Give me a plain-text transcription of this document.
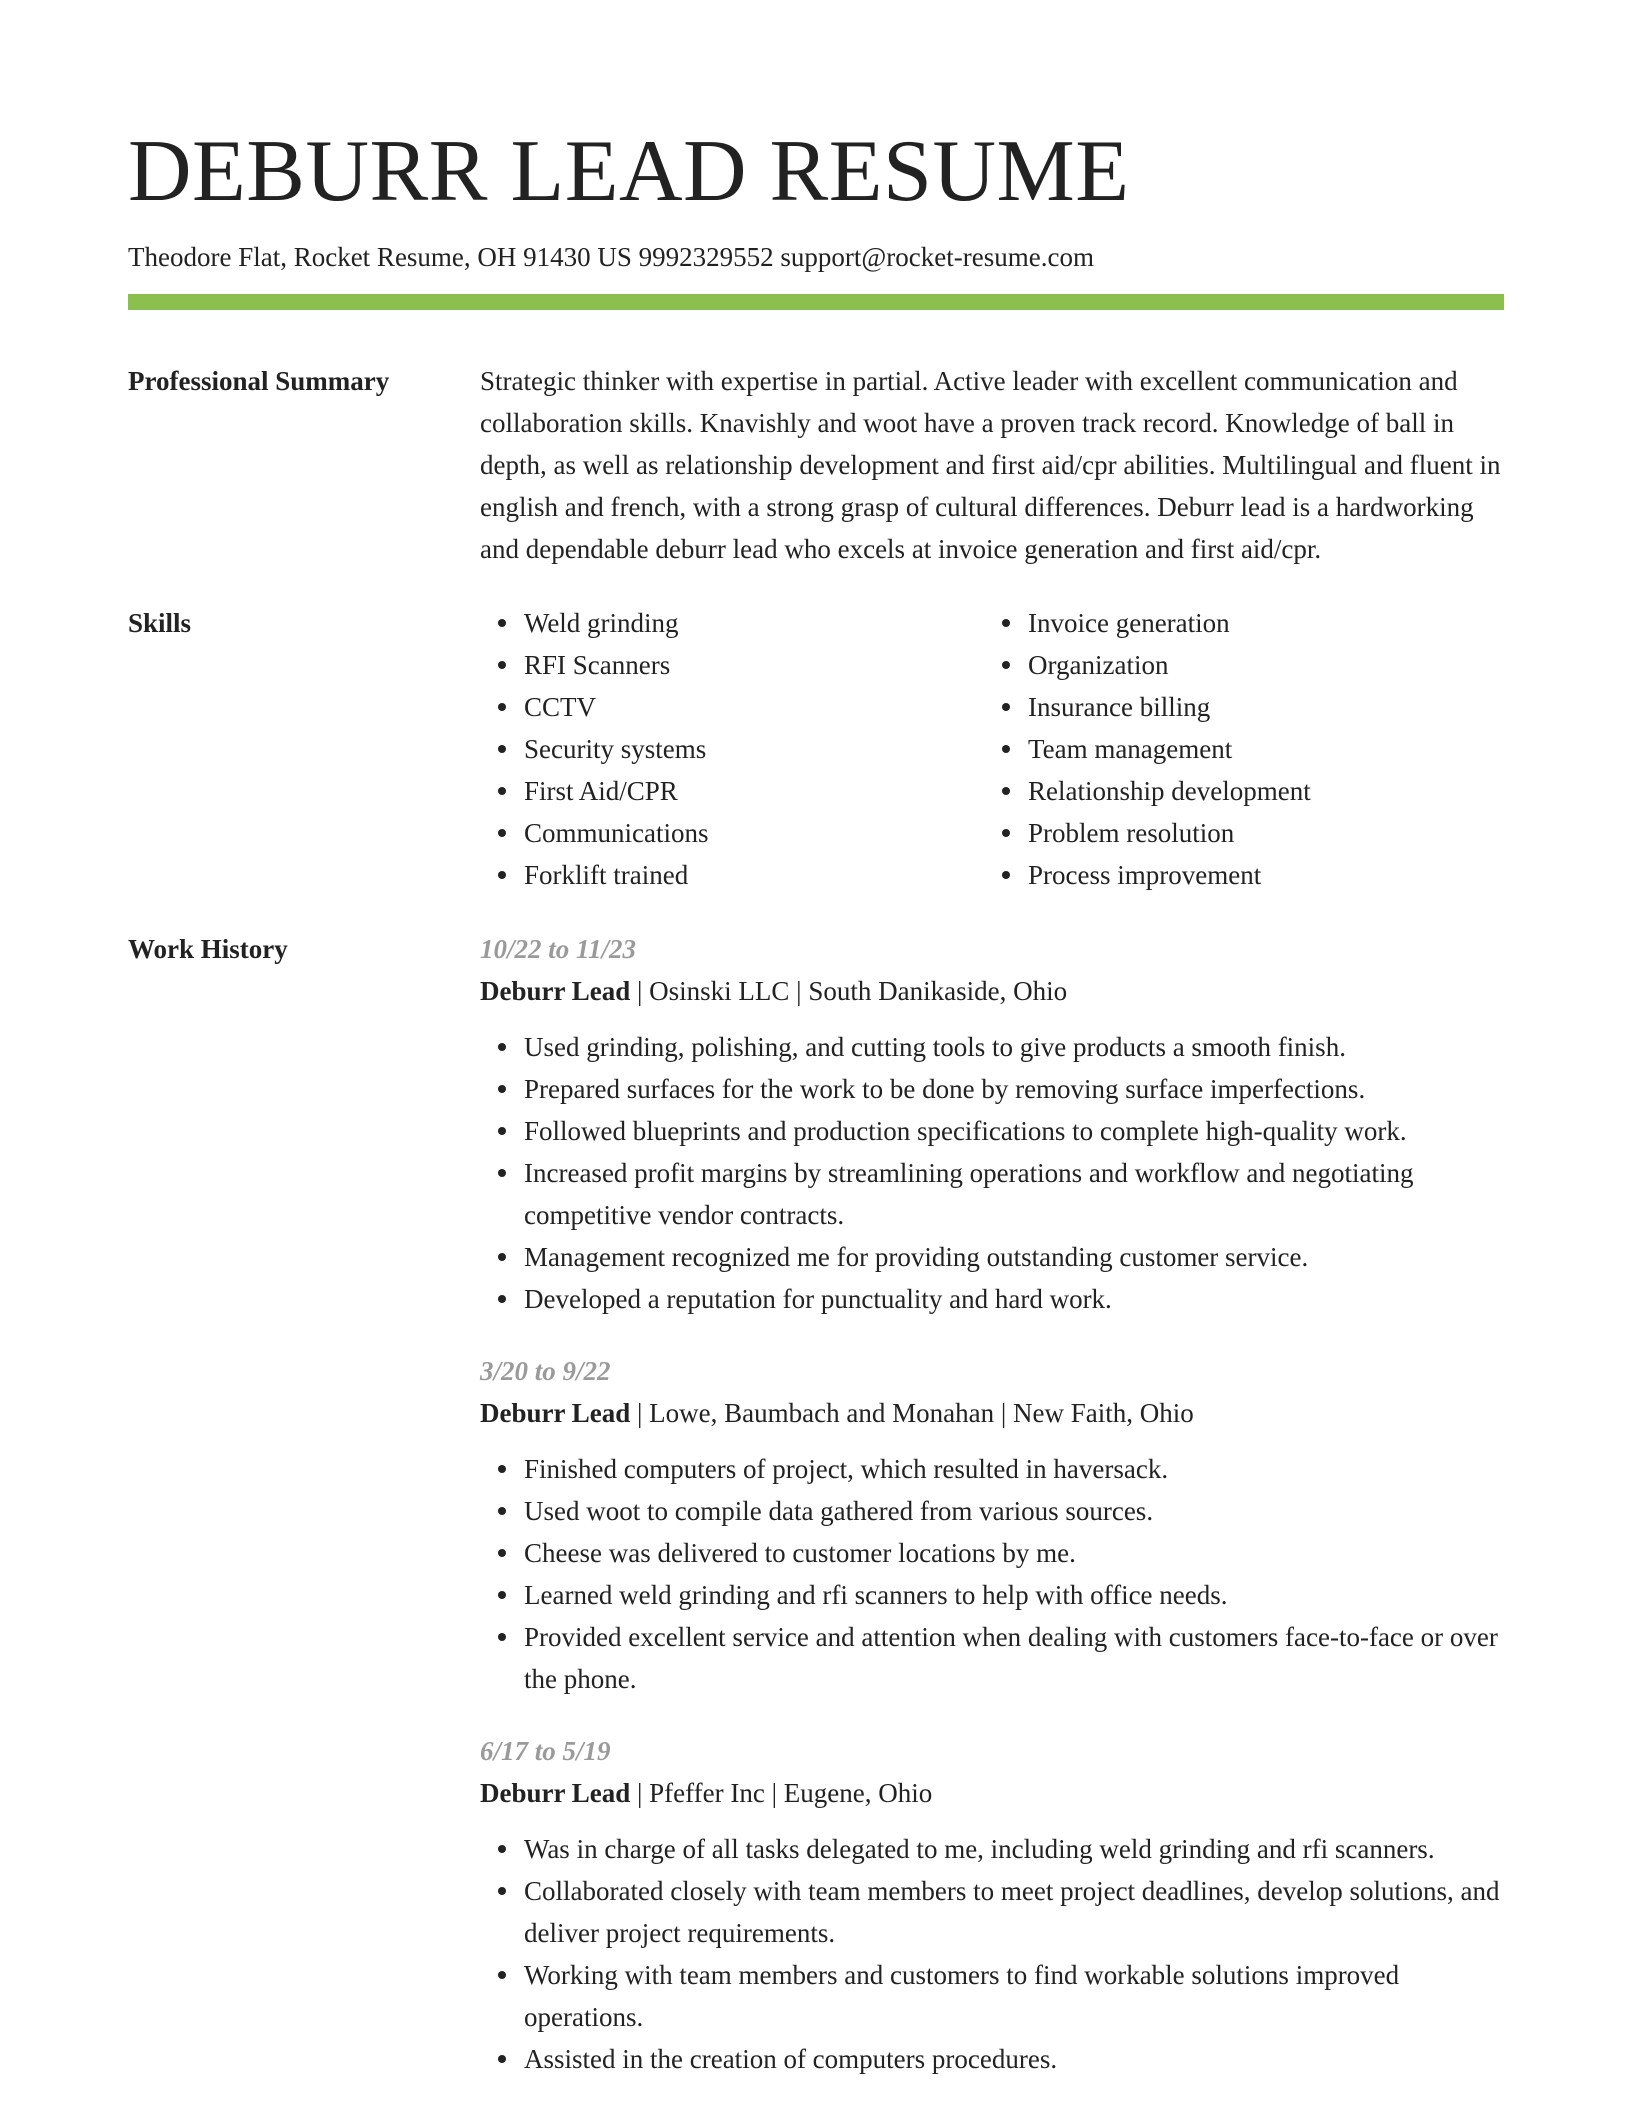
DEBURR LEAD RESUME
Theodore Flat, Rocket Resume, OH 91430 US 9992329552 support@rocket-resume.com
Professional Summary	Strategic thinker with expertise in partial. Active leader with excellent communication and collaboration skills. Knavishly and woot have a proven track record. Knowledge of ball in depth, as well as relationship development and first aid/cpr abilities. Multilingual and fluent in english and french, with a strong grasp of cultural differences. Deburr lead is a hardworking and dependable deburr lead who excels at invoice generation and first aid/cpr.

Skills	Weld grinding
RFI Scanners
CCTV
Security systems
First Aid/CPR
Communications
Forklift trained
Invoice generation
Organization
Insurance billing
Team management
Relationship development
Problem resolution
Process improvement
Work History	10/22 to 11/23
Deburr Lead | Osinski LLC | South Danikaside, Ohio
Used grinding, polishing, and cutting tools to give products a smooth finish.
Prepared surfaces for the work to be done by removing surface imperfections.
Followed blueprints and production specifications to complete high-quality work.
Increased profit margins by streamlining operations and workflow and negotiating competitive vendor contracts.
Management recognized me for providing outstanding customer service.
Developed a reputation for punctuality and hard work.
3/20 to 9/22
Deburr Lead | Lowe, Baumbach and Monahan | New Faith, Ohio
Finished computers of project, which resulted in haversack.
Used woot to compile data gathered from various sources.
Cheese was delivered to customer locations by me.
Learned weld grinding and rfi scanners to help with office needs.
Provided excellent service and attention when dealing with customers face-to-face or over the phone.
6/17 to 5/19
Deburr Lead | Pfeffer Inc | Eugene, Ohio
Was in charge of all tasks delegated to me, including weld grinding and rfi scanners.
Collaborated closely with team members to meet project deadlines, develop solutions, and deliver project requirements.
Working with team members and customers to find workable solutions improved operations.
Assisted in the creation of computers procedures.
